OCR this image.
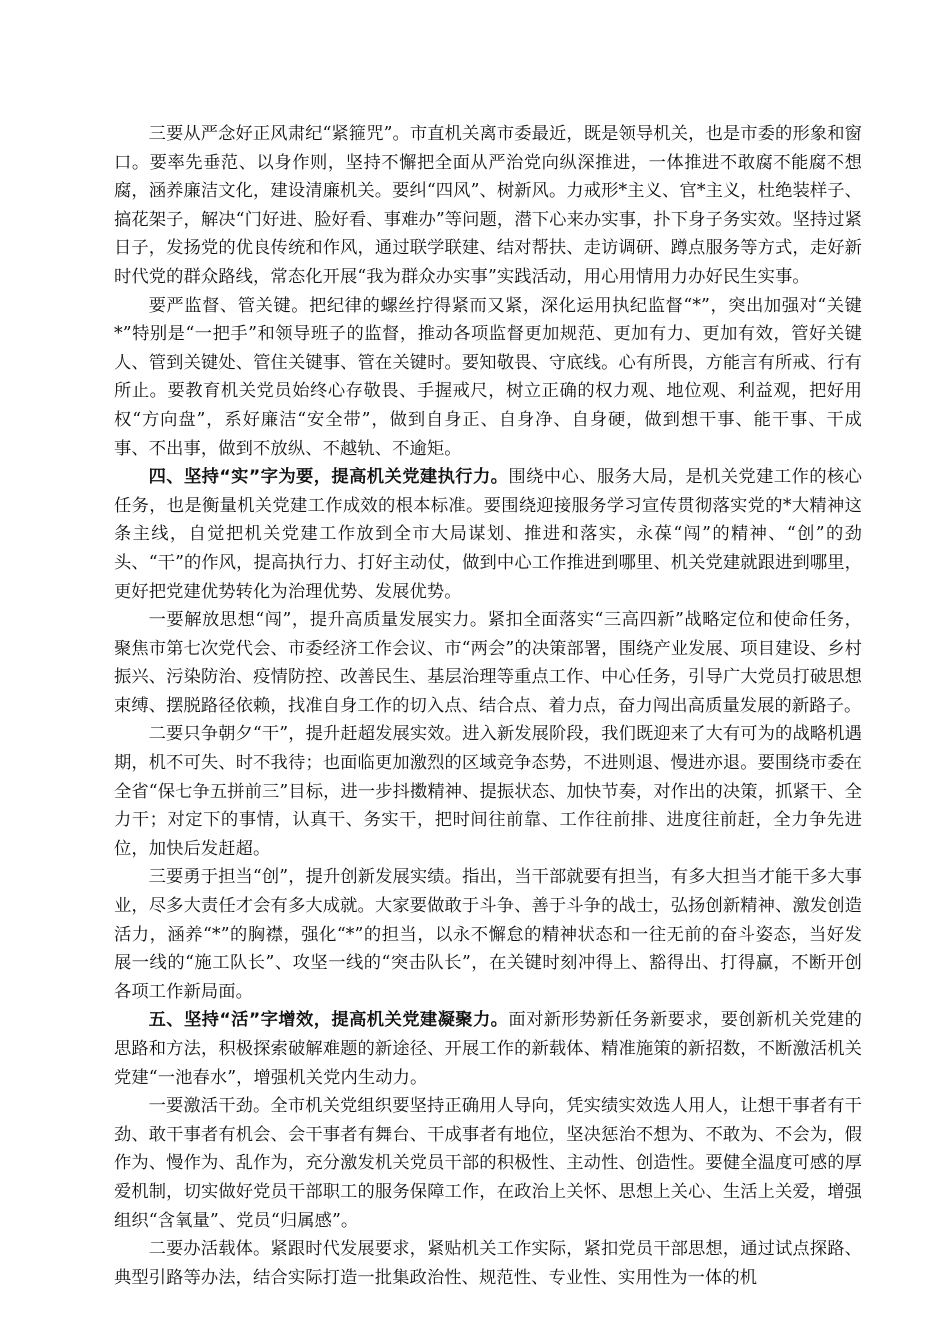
三要从严念好正风肃纪“紧箍咒”。市直机关离市委最近，既是领导机关，也是市委的形象和窗口。要率先垂范、以身作则，坚持不懈把全面从严治党向纵深推进，一体推进不敢腐不能腐不想腐，涵养廉洁文化，建设清廉机关。要纠“四风”、树新风。力戒形*主义、官*主义，杜绝装样子、搞花架子，解决“门好进、脸好看、事难办”等问题，潜下心来办实事，扑下身子务实效。坚持过紧日子，发扬党的优良传统和作风，通过联学联建、结对帮扶、走访调研、蹲点服务等方式，走好新时代党的群众路线，常态化开展“我为群众办实事”实践活动，用心用情用力办好民生实事。

要严监督、管关键。把纪律的螺丝拧得紧而又紧，深化运用执纪监督“*”，突出加强对“关键*”特别是“一把手”和领导班子的监督，推动各项监督更加规范、更加有力、更加有效，管好关键人、管到关键处、管住关键事、管在关键时。要知敬畏、守底线。心有所畏，方能言有所戒、行有所止。要教育机关党员始终心存敬畏、手握戒尺，树立正确的权力观、地位观、利益观，把好用权“方向盘”，系好廉洁“安全带”，做到自身正、自身净、自身硬，做到想干事、能干事、干成事、不出事，做到不放纵、不越轨、不逾矩。

四、坚持“实”字为要，提高机关党建执行力。围绕中心、服务大局，是机关党建工作的核心任务，也是衡量机关党建工作成效的根本标准。要围绕迎接服务学习宣传贯彻落实党的*大精神这条主线，自觉把机关党建工作放到全市大局谋划、推进和落实，永葆“闯”的精神、“创”的劲头、“干”的作风，提高执行力、打好主动仗，做到中心工作推进到哪里、机关党建就跟进到哪里，更好把党建优势转化为治理优势、发展优势。

一要解放思想“闯”，提升高质量发展实力。紧扣全面落实“三高四新”战略定位和使命任务，聚焦市第七次党代会、市委经济工作会议、市“两会”的决策部署，围绕产业发展、项目建设、乡村振兴、污染防治、疫情防控、改善民生、基层治理等重点工作、中心任务，引导广大党员打破思想束缚、摆脱路径依赖，找准自身工作的切入点、结合点、着力点，奋力闯出高质量发展的新路子。

二要只争朝夕“干”，提升赶超发展实效。进入新发展阶段，我们既迎来了大有可为的战略机遇期，机不可失、时不我待；也面临更加激烈的区域竞争态势，不进则退、慢进亦退。要围绕市委在全省“保七争五拼前三”目标，进一步抖擞精神、提振状态、加快节奏，对作出的决策，抓紧干、全力干；对定下的事情，认真干、务实干，把时间往前靠、工作往前排、进度往前赶，全力争先进位，加快后发赶超。

三要勇于担当“创”，提升创新发展实绩。指出，当干部就要有担当，有多大担当才能干多大事业，尽多大责任才会有多大成就。大家要做敢于斗争、善于斗争的战士，弘扬创新精神、激发创造活力，涵养“*”的胸襟，强化“*”的担当，以永不懈怠的精神状态和一往无前的奋斗姿态，当好发展一线的“施工队长”、攻坚一线的“突击队长”，在关键时刻冲得上、豁得出、打得赢，不断开创各项工作新局面。

五、坚持“活”字增效，提高机关党建凝聚力。面对新形势新任务新要求，要创新机关党建的思路和方法，积极探索破解难题的新途径、开展工作的新载体、精准施策的新招数，不断激活机关党建“一池春水”，增强机关党内生动力。

一要激活干劲。全市机关党组织要坚持正确用人导向，凭实绩实效选人用人，让想干事者有干劲、敢干事者有机会、会干事者有舞台、干成事者有地位，坚决惩治不想为、不敢为、不会为，假作为、慢作为、乱作为，充分激发机关党员干部的积极性、主动性、创造性。要健全温度可感的厚爱机制，切实做好党员干部职工的服务保障工作，在政治上关怀、思想上关心、生活上关爱，增强组织“含氧量”、党员“归属感”。

二要办活载体。紧跟时代发展要求，紧贴机关工作实际，紧扣党员干部思想，通过试点探路、典型引路等办法，结合实际打造一批集政治性、规范性、专业性、实用性为一体的机
